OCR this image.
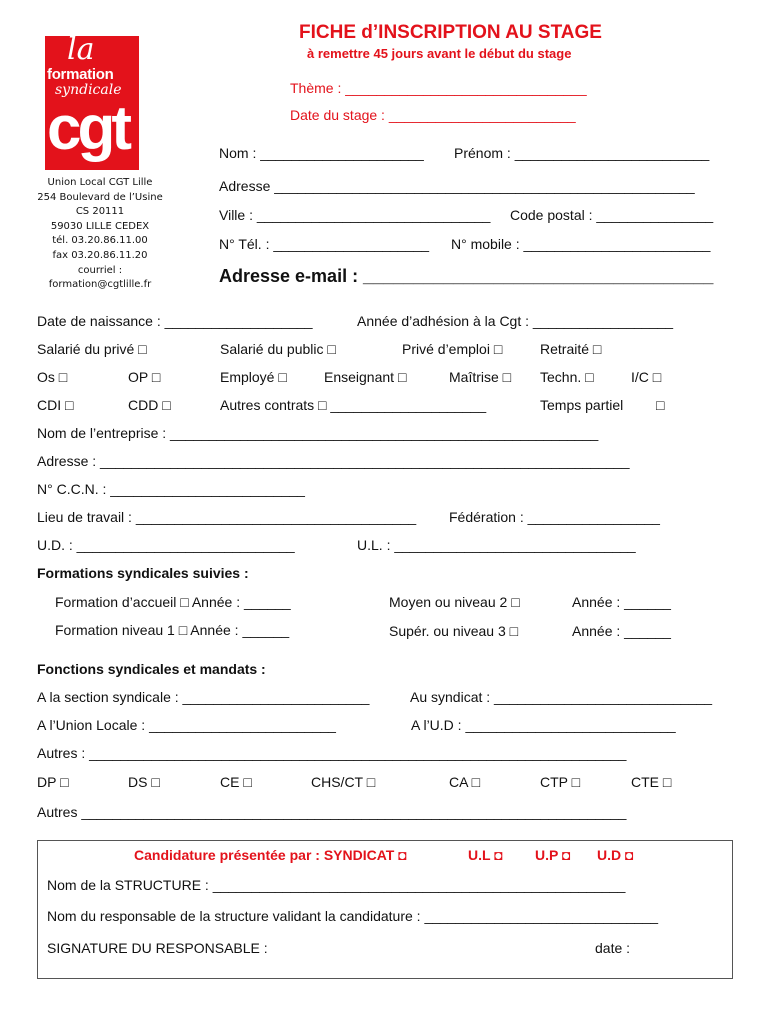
FICHE d’INSCRIPTION AU STAGE
à remettre 45 jours avant le début du stage
Thème : _______________________________
Date du stage : ________________________
la
formation
syndicale
cgt
Union Local CGT Lille
254 Boulevard de l’Usine
CS 20111
59030 LILLE CEDEX
tél. 03.20.86.11.00
fax 03.20.86.11.20
courriel :
formation@cgtlille.fr
Nom : _____________________ Prénom : _________________________
Adresse ______________________________________________________
Ville : ______________________________ Code postal : _______________
N° Tél. : ____________________ N° mobile : ________________________
Adresse e-mail : ___________________________________
Date de naissance : ___________________	Année d’adhésion à la Cgt : __________________
Salarié du privé □	Salarié du public □	Privé d’emploi □	Retraité □
Os □	OP □	Employé □	Enseignant □	Maîtrise □ Techn. □	I/C □
CDI □	CDD □	Autres contrats □ ____________________	Temps partiel □
Nom de l’entreprise : _______________________________________________________
Adresse : ____________________________________________________________________
N° C.C.N. : _________________________
Lieu de travail : ____________________________________ Fédération : _________________
U.D. : ____________________________	U.L. : _______________________________
Formations syndicales suivies :
Formation d’accueil □ Année : ______	Moyen ou niveau 2 □	Année : ______
Formation niveau 1 □ Année : ______	Supér. ou niveau 3 □	Année : ______
Fonctions syndicales et mandats :
A la section syndicale : ________________________	Au syndicat : ____________________________
A l’Union Locale : ________________________	A l’U.D : ___________________________
Autres : _____________________________________________________________________
DP □	DS □	CE □	CHS/CT □	CA □	CTP □	CTE □
Autres ______________________________________________________________________
Candidature présentée par : SYNDICAT ◘	U.L ◘ U.P ◘ U.D ◘
Nom de la STRUCTURE : _____________________________________________________
Nom du responsable de la structure validant la candidature : ______________________________
SIGNATURE DU RESPONSABLE :	date :
